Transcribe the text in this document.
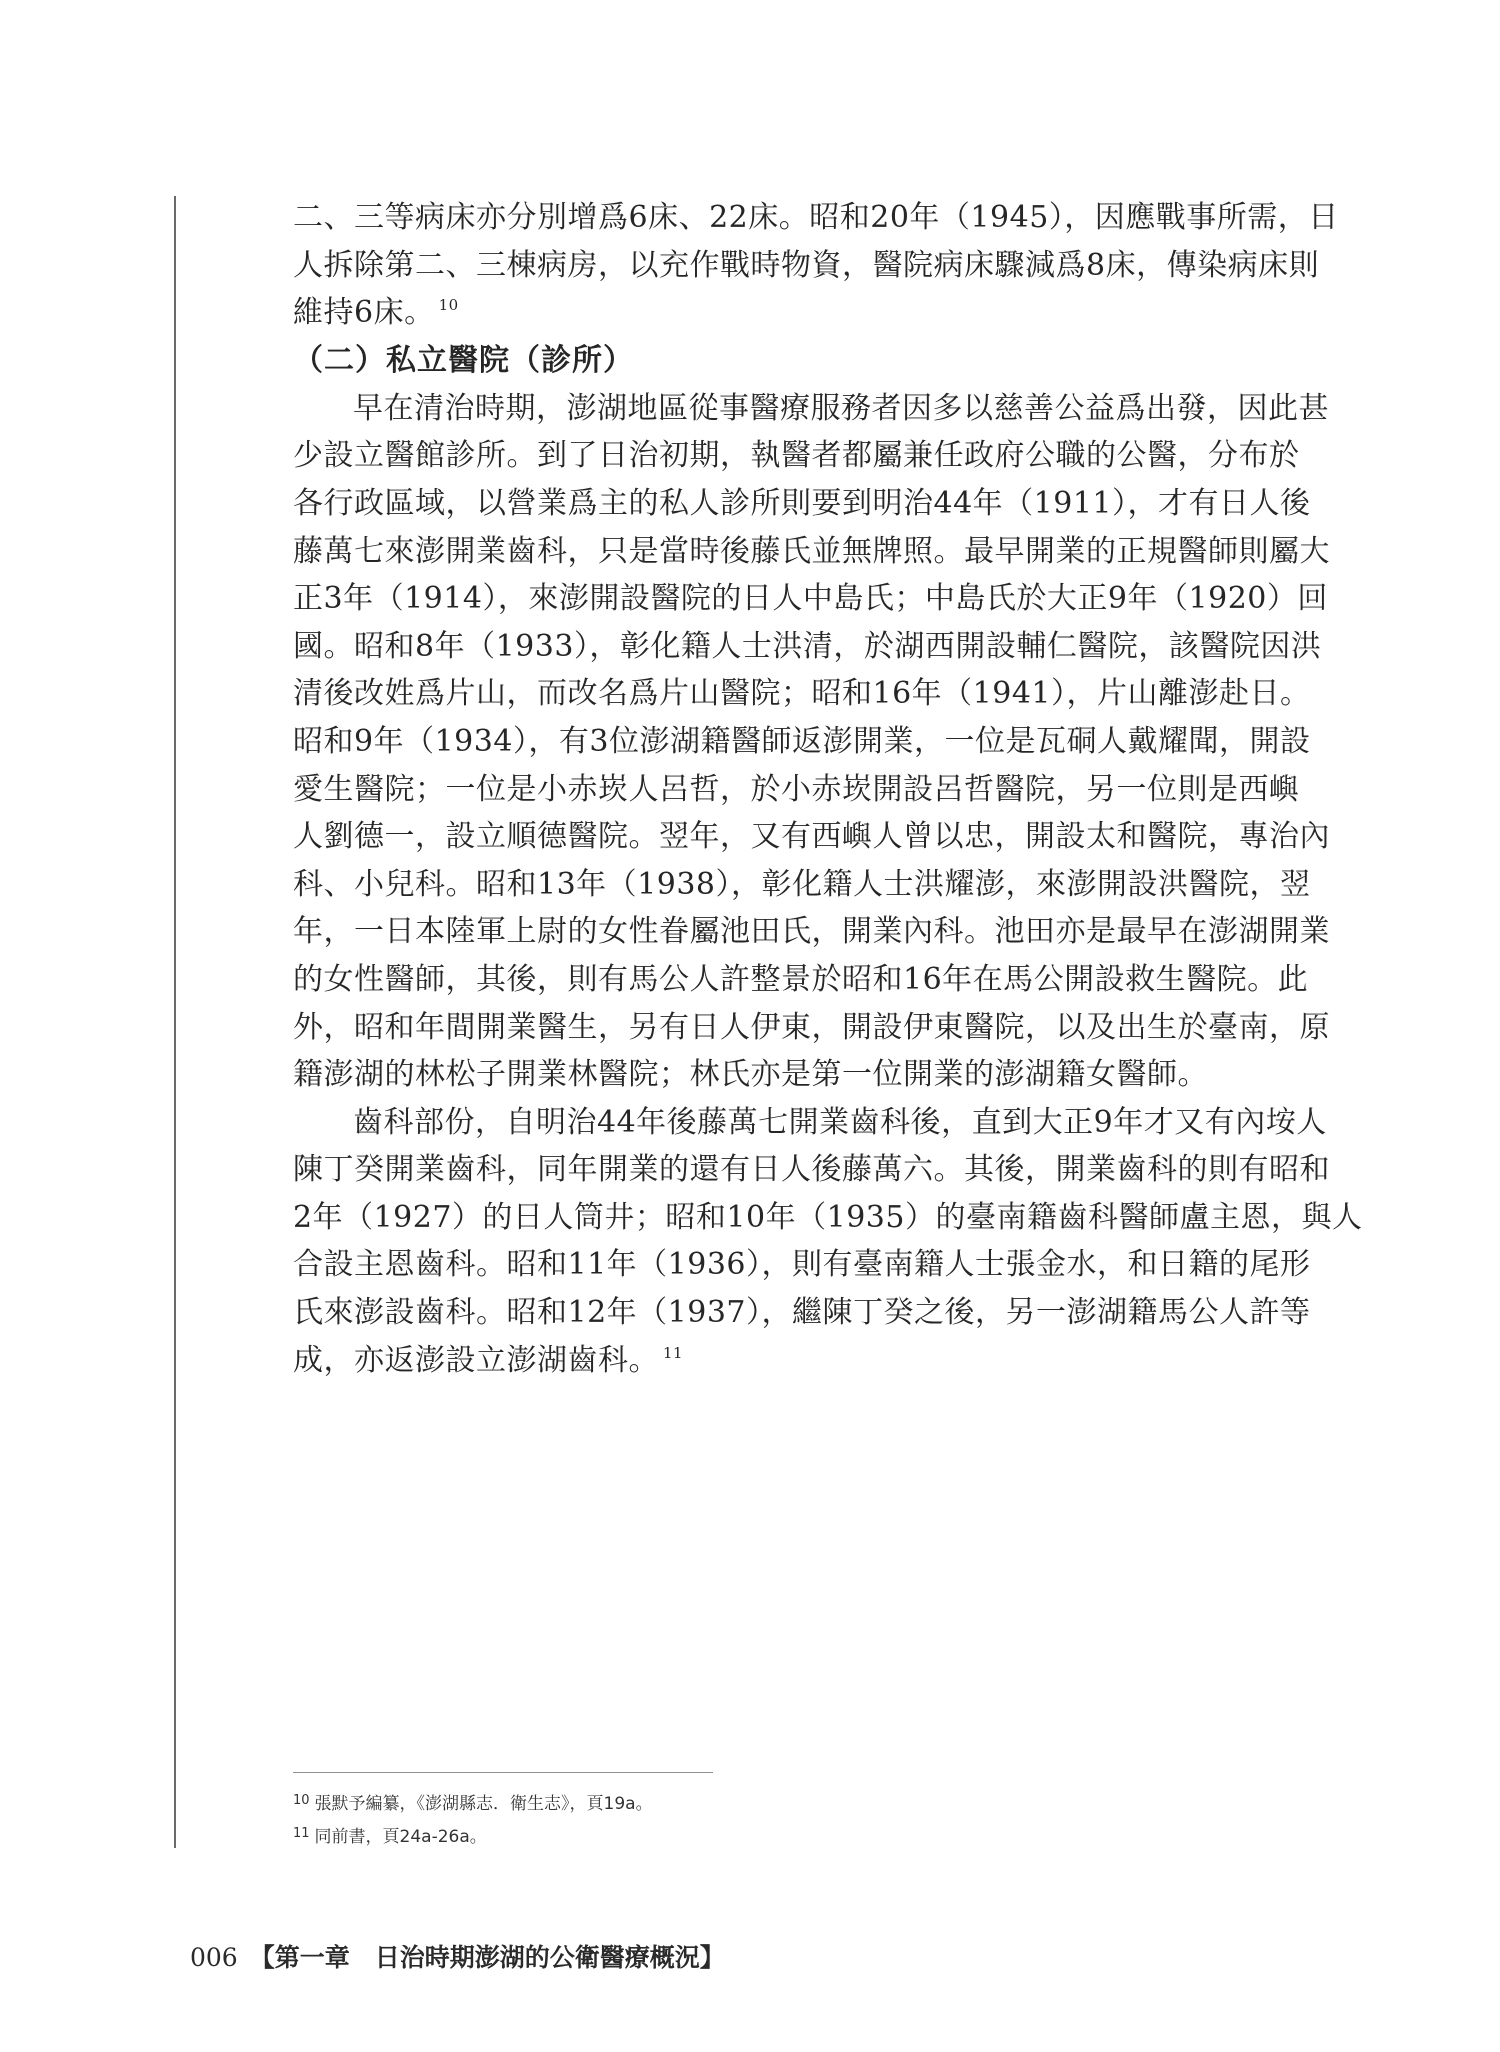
二、三等病床亦分別增爲6床、22床。昭和20年（1945），因應戰事所需，日
人拆除第二、三棟病房，以充作戰時物資，醫院病床驟減爲8床，傳染病床則
維持6床。 $^{10}$
（二）私立醫院（診所）
早在清治時期，澎湖地區從事醫療服務者因多以慈善公益爲出發，因此甚
少設立醫館診所。到了日治初期，執醫者都屬兼任政府公職的公醫，分布於
各行政區域，以營業爲主的私人診所則要到明治44年（1911），才有日人後
藤萬七來澎開業齒科，只是當時後藤氏並無牌照。最早開業的正規醫師則屬大
正3年（1914），來澎開設醫院的日人中島氏；中島氏於大正9年（1920）回
國。昭和8年（1933），彰化籍人士洪清，於湖西開設輔仁醫院，該醫院因洪
清後改姓爲片山，而改名爲片山醫院；昭和16年（1941），片山離澎赴日。
昭和9年（1934），有3位澎湖籍醫師返澎開業，一位是瓦硐人戴耀聞，開設
愛生醫院；一位是小赤崁人呂哲，於小赤崁開設呂哲醫院，另一位則是西嶼
人劉德一，設立順德醫院。翌年，又有西嶼人曾以忠，開設太和醫院，專治內
科、小兒科。昭和13年（1938），彰化籍人士洪耀澎，來澎開設洪醫院，翌
年，一日本陸軍上尉的女性眷屬池田氏，開業內科。池田亦是最早在澎湖開業
的女性醫師，其後，則有馬公人許整景於昭和16年在馬公開設救生醫院。此
外，昭和年間開業醫生，另有日人伊東，開設伊東醫院，以及出生於臺南，原
籍澎湖的林松子開業林醫院；林氏亦是第一位開業的澎湖籍女醫師。
齒科部份，自明治44年後藤萬七開業齒科後，直到大正9年才又有內垵人
陳丁癸開業齒科，同年開業的還有日人後藤萬六。其後，開業齒科的則有昭和
2年（1927）的日人筒井；昭和10年（1935）的臺南籍齒科醫師盧主恩，與人
合設主恩齒科。昭和11年（1936），則有臺南籍人士張金水，和日籍的尾形
氏來澎設齒科。昭和12年（1937），繼陳丁癸之後，另一澎湖籍馬公人許等
成，亦返澎設立澎湖齒科。 $^{11}$
$^{10}$ 張默予編纂，《澎湖縣志．衛生志》，頁19a。
$^{11}$ 同前書，頁24a-26a。
006 【第一章　日治時期澎湖的公衛醫療概況】
